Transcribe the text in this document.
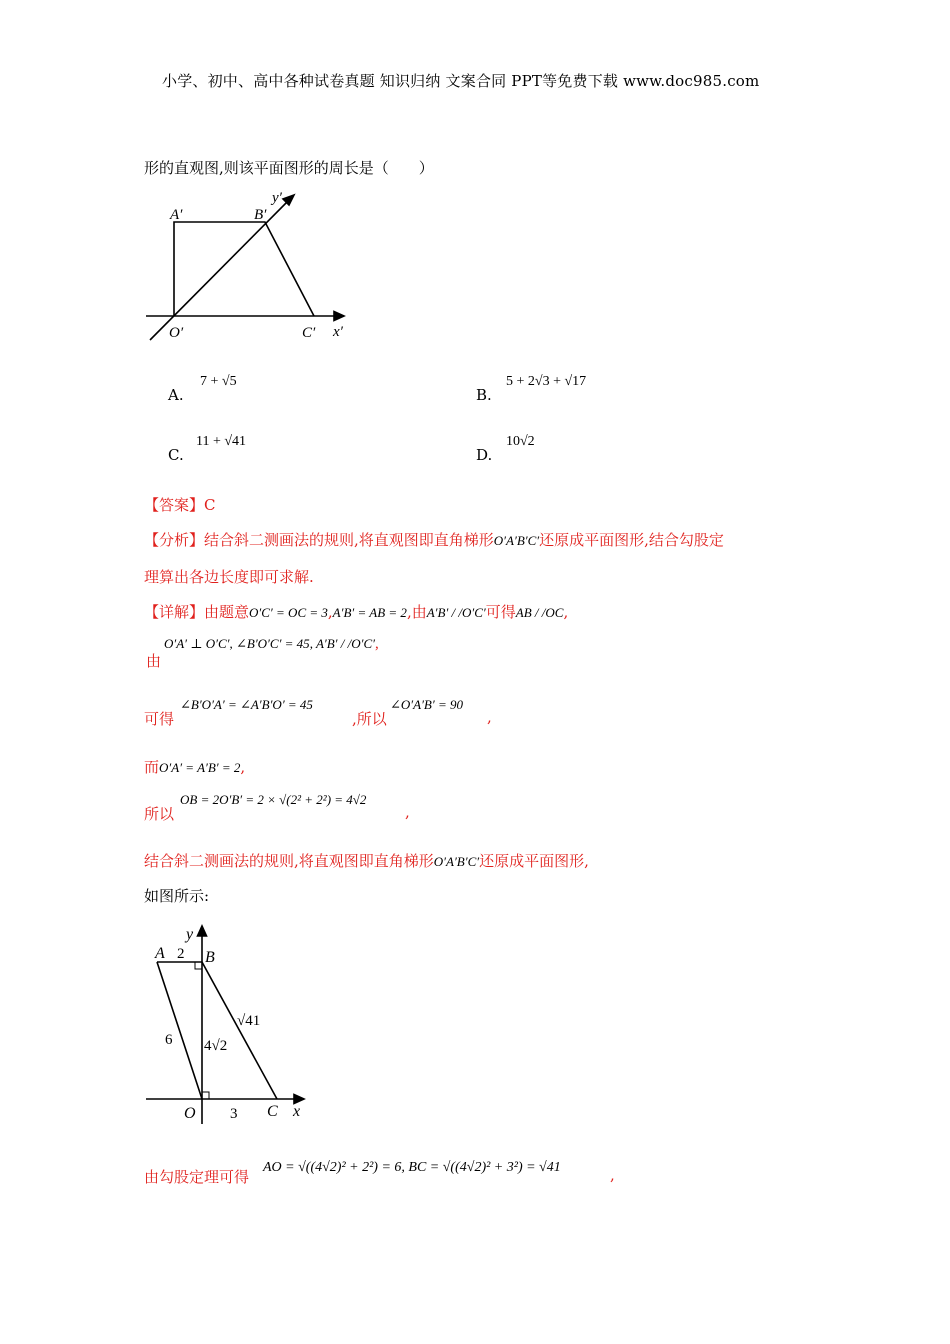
小学、初中、高中各种试卷真题 知识归纳 文案合同 PPT等免费下载 www.doc985.com
形的直观图,则该平面图形的周长是（　　）
A′	B′
y′
O′	C′ x′
A.
7 + √5
B.
5 + 2√3 + √17
C.
11 + √41
D.
10√2
【答案】C
【分析】结合斜二测画法的规则,将直观图即直角梯形O′A′B′C′还原成平面图形,结合勾股定
理算出各边长度即可求解.
【详解】由题意O′C′ = OC = 3,A′B′ = AB = 2,由A′B′ / /O′C′可得AB / /OC,
O′A′ ⊥ O′C′, ∠B′O′C′ = 45, A′B′ / /O′C′,
由
可得
∠B′O′A′ = ∠A′B′O′ = 45
,所以
∠O′A′B′ = 90
,
而O′A′ = A′B′ = 2,
所以
OB = 2O′B′ = 2 × √(2² + 2²) = 4√2
,
结合斜二测画法的规则,将直观图即直角梯形O′A′B′C′还原成平面图形,
如图所示:
A 2 B
y
6 4√2
√41
O 3 C x
由勾股定理可得
AO = √((4√2)² + 2²) = 6, BC = √((4√2)² + 3²) = √41	,
